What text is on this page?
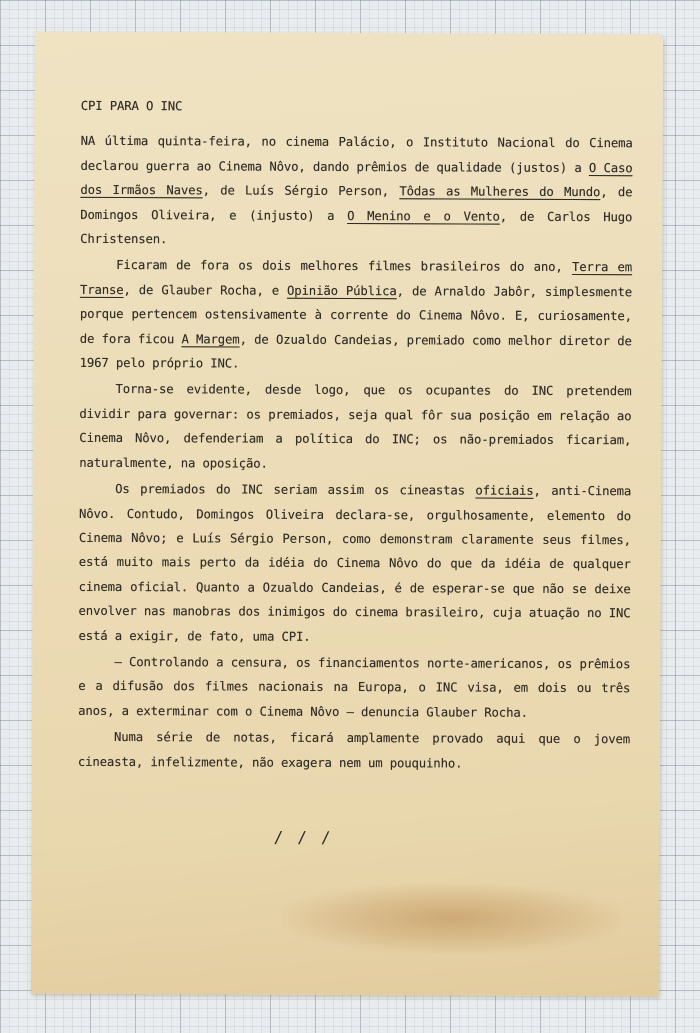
CPI PARA O INC

NA última quinta-feira, no cinema Palácio, o Instituto Nacional do Cinema declarou guerra ao Cinema Nôvo, dando prêmios de qualidade (justos) a O Caso dos Irmãos Naves, de Luís Sérgio Person, Tôdas as Mulheres do Mundo, de Domingos Oliveira, e (injusto) a O Menino e o Vento, de Carlos Hugo Christensen.

Ficaram de fora os dois melhores filmes brasileiros do ano, Terra em Transe, de Glauber Rocha, e Opinião Pública, de Arnaldo Jabôr, simplesmente porque pertencem ostensivamente à corrente do Cinema Nôvo. E, curiosamente, de fora ficou A Margem, de Ozualdo Candeias, premiado como melhor diretor de 1967 pelo próprio INC.

Torna-se evidente, desde logo, que os ocupantes do INC pretendem dividir para governar: os premiados, seja qual fôr sua posição em relação ao Cinema Nôvo, defenderiam a política do INC; os não-premiados ficariam, naturalmente, na oposição.

Os premiados do INC seriam assim os cineastas oficiais, anti-Cinema Nôvo. Contudo, Domingos Oliveira declara-se, orgulhosamente, elemento do Cinema Nôvo; e Luís Sérgio Person, como demonstram claramente seus filmes, está muito mais perto da idéia do Cinema Nôvo do que da idéia de qualquer cinema oficial. Quanto a Ozualdo Candeias, é de esperar-se que não se deixe envolver nas manobras dos inimigos do cinema brasileiro, cuja atuação no INC está a exigir, de fato, uma CPI.

— Controlando a censura, os financiamentos norte-americanos, os prêmios e a difusão dos filmes nacionais na Europa, o INC visa, em dois ou três anos, a exterminar com o Cinema Nôvo — denuncia Glauber Rocha.

Numa série de notas, ficará amplamente provado aqui que o jovem cineasta, infelizmente, não exagera nem um pouquinho.

///
